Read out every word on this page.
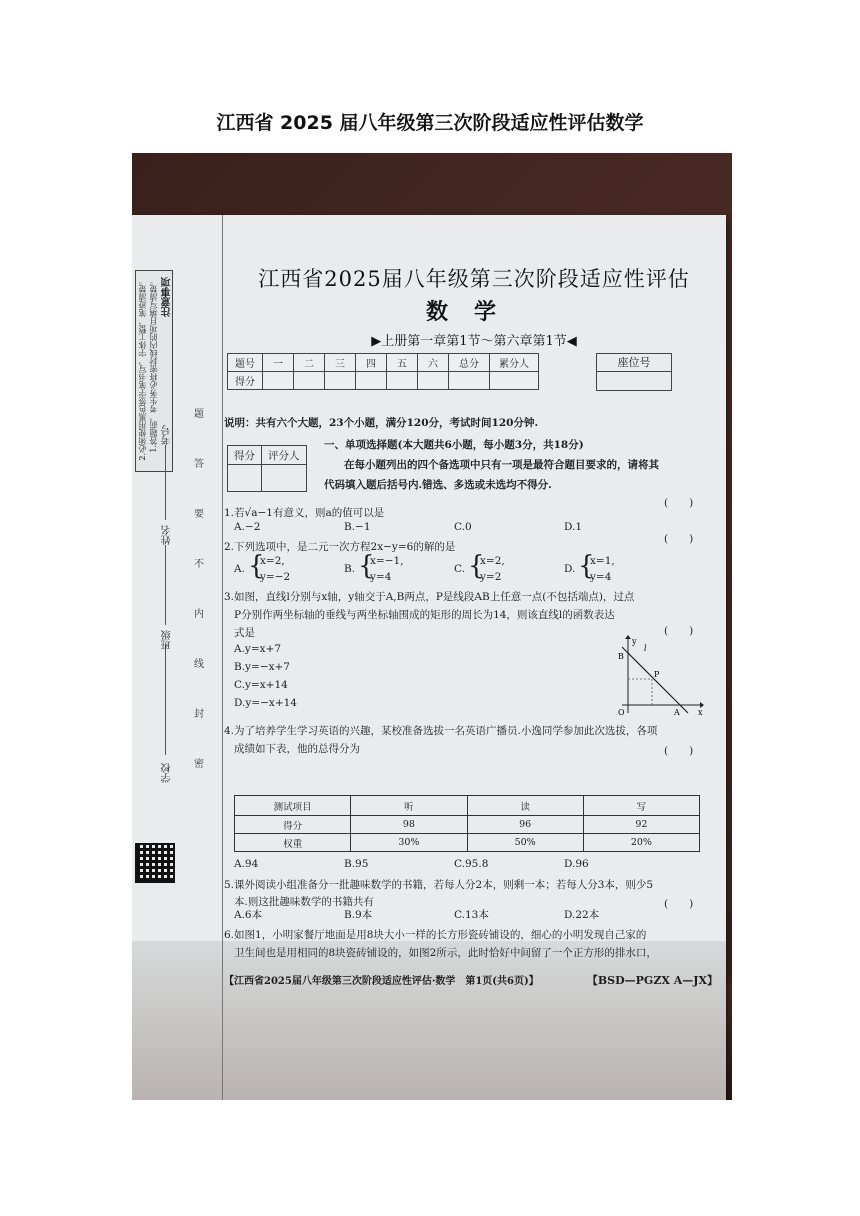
江西省 2025 届八年级第三次阶段适应性评估数学
注意事项
1.答题前，考生务必将密封线内的项目填写清楚。
2.必须使用黑色签字笔书写，字体工整、笔迹清楚。
学校
班级
姓名
考号
密
封
线
内
不
要
答
题
江西省2025届八年级第三次阶段适应性评估
数学
▶上册第一章第1节～第六章第1节◀
题号	一	二	三	四	五	六	总分	累分人
得分								
座位号
说明：共有六个大题，23个小题，满分120分，考试时间120分钟.
得分	评分人

一、单项选择题(本大题共6小题，每小题3分，共18分)
在每小题列出的四个备选项中只有一项是最符合题目要求的，请将其
代码填入题后括号内.错选、多选或未选均不得分.
1.若√a−1有意义，则a的值可以是
(　　)
A.−2	B.−1	C.0	D.1
2.下列选项中，是二元一次方程2x−y=6的解的是
(　　)
A. {
x=2,
y=−2
B. {
x=−1,
y=4
C. {
x=2,
y=2
D. {
x=1,
y=4
3.如图，直线l分别与x轴，y轴交于A,B两点，P是线段AB上任意一点(不包括端点)，过点
P分别作两坐标轴的垂线与两坐标轴围成的矩形的周长为14，则该直线l的函数表达
式是	(　　)
A.y=x+7
B.y=−x+7
C.y=x+14
D.y=−x+14
y
x
O	A
B
P
l
4.为了培养学生学习英语的兴趣，某校准备选拔一名英语广播员.小逸同学参加此次选拔，各项
成绩如下表，他的总得分为	(　　)
测试项目	听	读	写
得分	98	96	92
权重	30%	50%	20%
A.94	B.95	C.95.8	D.96
5.课外阅读小组准备分一批趣味数学的书籍，若每人分2本，则剩一本；若每人分3本，则少5
本.则这批趣味数学的书籍共有	(　　)
A.6本	B.9本	C.13本	D.22本
6.如图1，小明家餐厅地面是用8块大小一样的长方形瓷砖铺设的，细心的小明发现自己家的
卫生间也是用相同的8块瓷砖铺设的，如图2所示，此时恰好中间留了一个正方形的排水口，
【江西省2025届八年级第三次阶段适应性评估·数学　第1页(共6页)】	【BSD—PGZX A—JX】
